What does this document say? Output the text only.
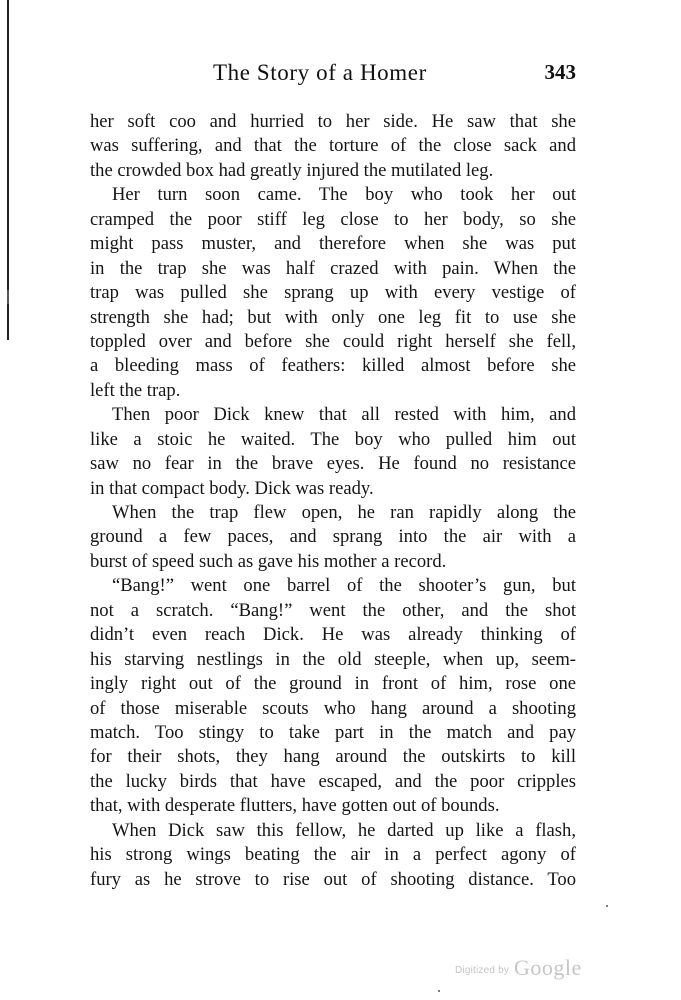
The Story of a Homer	343

her soft coo and hurried to her side. He saw that she
was suffering, and that the torture of the close sack and
the crowded box had greatly injured the mutilated leg.

Her turn soon came. The boy who took her out
cramped the poor stiff leg close to her body, so she
might pass muster, and therefore when she was put
in the trap she was half crazed with pain. When the
trap was pulled she sprang up with every vestige of
strength she had; but with only one leg fit to use she
toppled over and before she could right herself she fell,
a bleeding mass of feathers: killed almost before she
left the trap.

Then poor Dick knew that all rested with him, and
like a stoic he waited. The boy who pulled him out
saw no fear in the brave eyes. He found no resistance
in that compact body. Dick was ready.

When the trap flew open, he ran rapidly along the
ground a few paces, and sprang into the air with a
burst of speed such as gave his mother a record.

“Bang!” went one barrel of the shooter’s gun, but
not a scratch. “Bang!” went the other, and the shot
didn’t even reach Dick. He was already thinking of
his starving nestlings in the old steeple, when up, seem-
ingly right out of the ground in front of him, rose one
of those miserable scouts who hang around a shooting
match. Too stingy to take part in the match and pay
for their shots, they hang around the outskirts to kill
the lucky birds that have escaped, and the poor cripples
that, with desperate flutters, have gotten out of bounds.

When Dick saw this fellow, he darted up like a flash,
his strong wings beating the air in a perfect agony of
fury as he strove to rise out of shooting distance. Too

Digitized by Google
